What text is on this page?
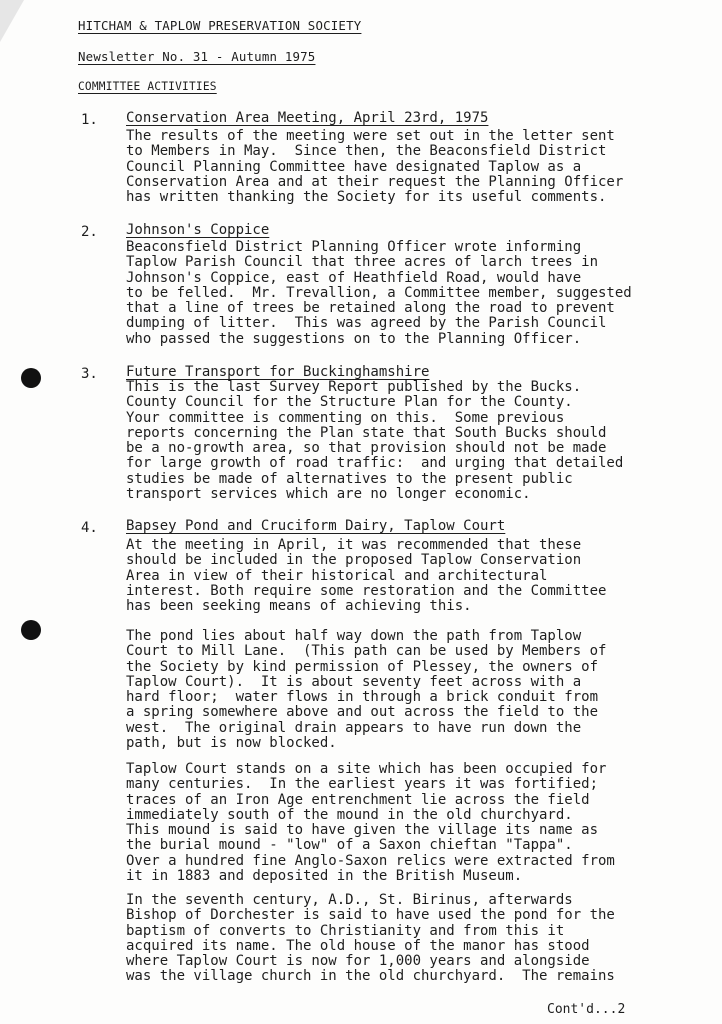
HITCHAM & TAPLOW PRESERVATION SOCIETY
Newsletter No. 31 - Autumn 1975
COMMITTEE ACTIVITIES
1. Conservation Area Meeting, April 23rd, 1975
The results of the meeting were set out in the letter sent
to Members in May.  Since then, the Beaconsfield District
Council Planning Committee have designated Taplow as a
Conservation Area and at their request the Planning Officer
has written thanking the Society for its useful comments.
2. Johnson's Coppice
Beaconsfield District Planning Officer wrote informing
Taplow Parish Council that three acres of larch trees in
Johnson's Coppice, east of Heathfield Road, would have
to be felled.  Mr. Trevallion, a Committee member, suggested
that a line of trees be retained along the road to prevent
dumping of litter.  This was agreed by the Parish Council
who passed the suggestions on to the Planning Officer.
3. Future Transport for Buckinghamshire
This is the last Survey Report published by the Bucks.
County Council for the Structure Plan for the County.
Your committee is commenting on this.  Some previous
reports concerning the Plan state that South Bucks should
be a no-growth area, so that provision should not be made
for large growth of road traffic:  and urging that detailed
studies be made of alternatives to the present public
transport services which are no longer economic.
4. Bapsey Pond and Cruciform Dairy, Taplow Court
At the meeting in April, it was recommended that these
should be included in the proposed Taplow Conservation
Area in view of their historical and architectural
interest. Both require some restoration and the Committee
has been seeking means of achieving this.
The pond lies about half way down the path from Taplow
Court to Mill Lane.  (This path can be used by Members of
the Society by kind permission of Plessey, the owners of
Taplow Court).  It is about seventy feet across with a
hard floor;  water flows in through a brick conduit from
a spring somewhere above and out across the field to the
west.  The original drain appears to have run down the
path, but is now blocked.
Taplow Court stands on a site which has been occupied for
many centuries.  In the earliest years it was fortified;
traces of an Iron Age entrenchment lie across the field
immediately south of the mound in the old churchyard.
This mound is said to have given the village its name as
the burial mound - "low" of a Saxon chieftan "Tappa".
Over a hundred fine Anglo-Saxon relics were extracted from
it in 1883 and deposited in the British Museum.
In the seventh century, A.D., St. Birinus, afterwards
Bishop of Dorchester is said to have used the pond for the
baptism of converts to Christianity and from this it
acquired its name. The old house of the manor has stood
where Taplow Court is now for 1,000 years and alongside
was the village church in the old churchyard.  The remains
Cont'd...2
